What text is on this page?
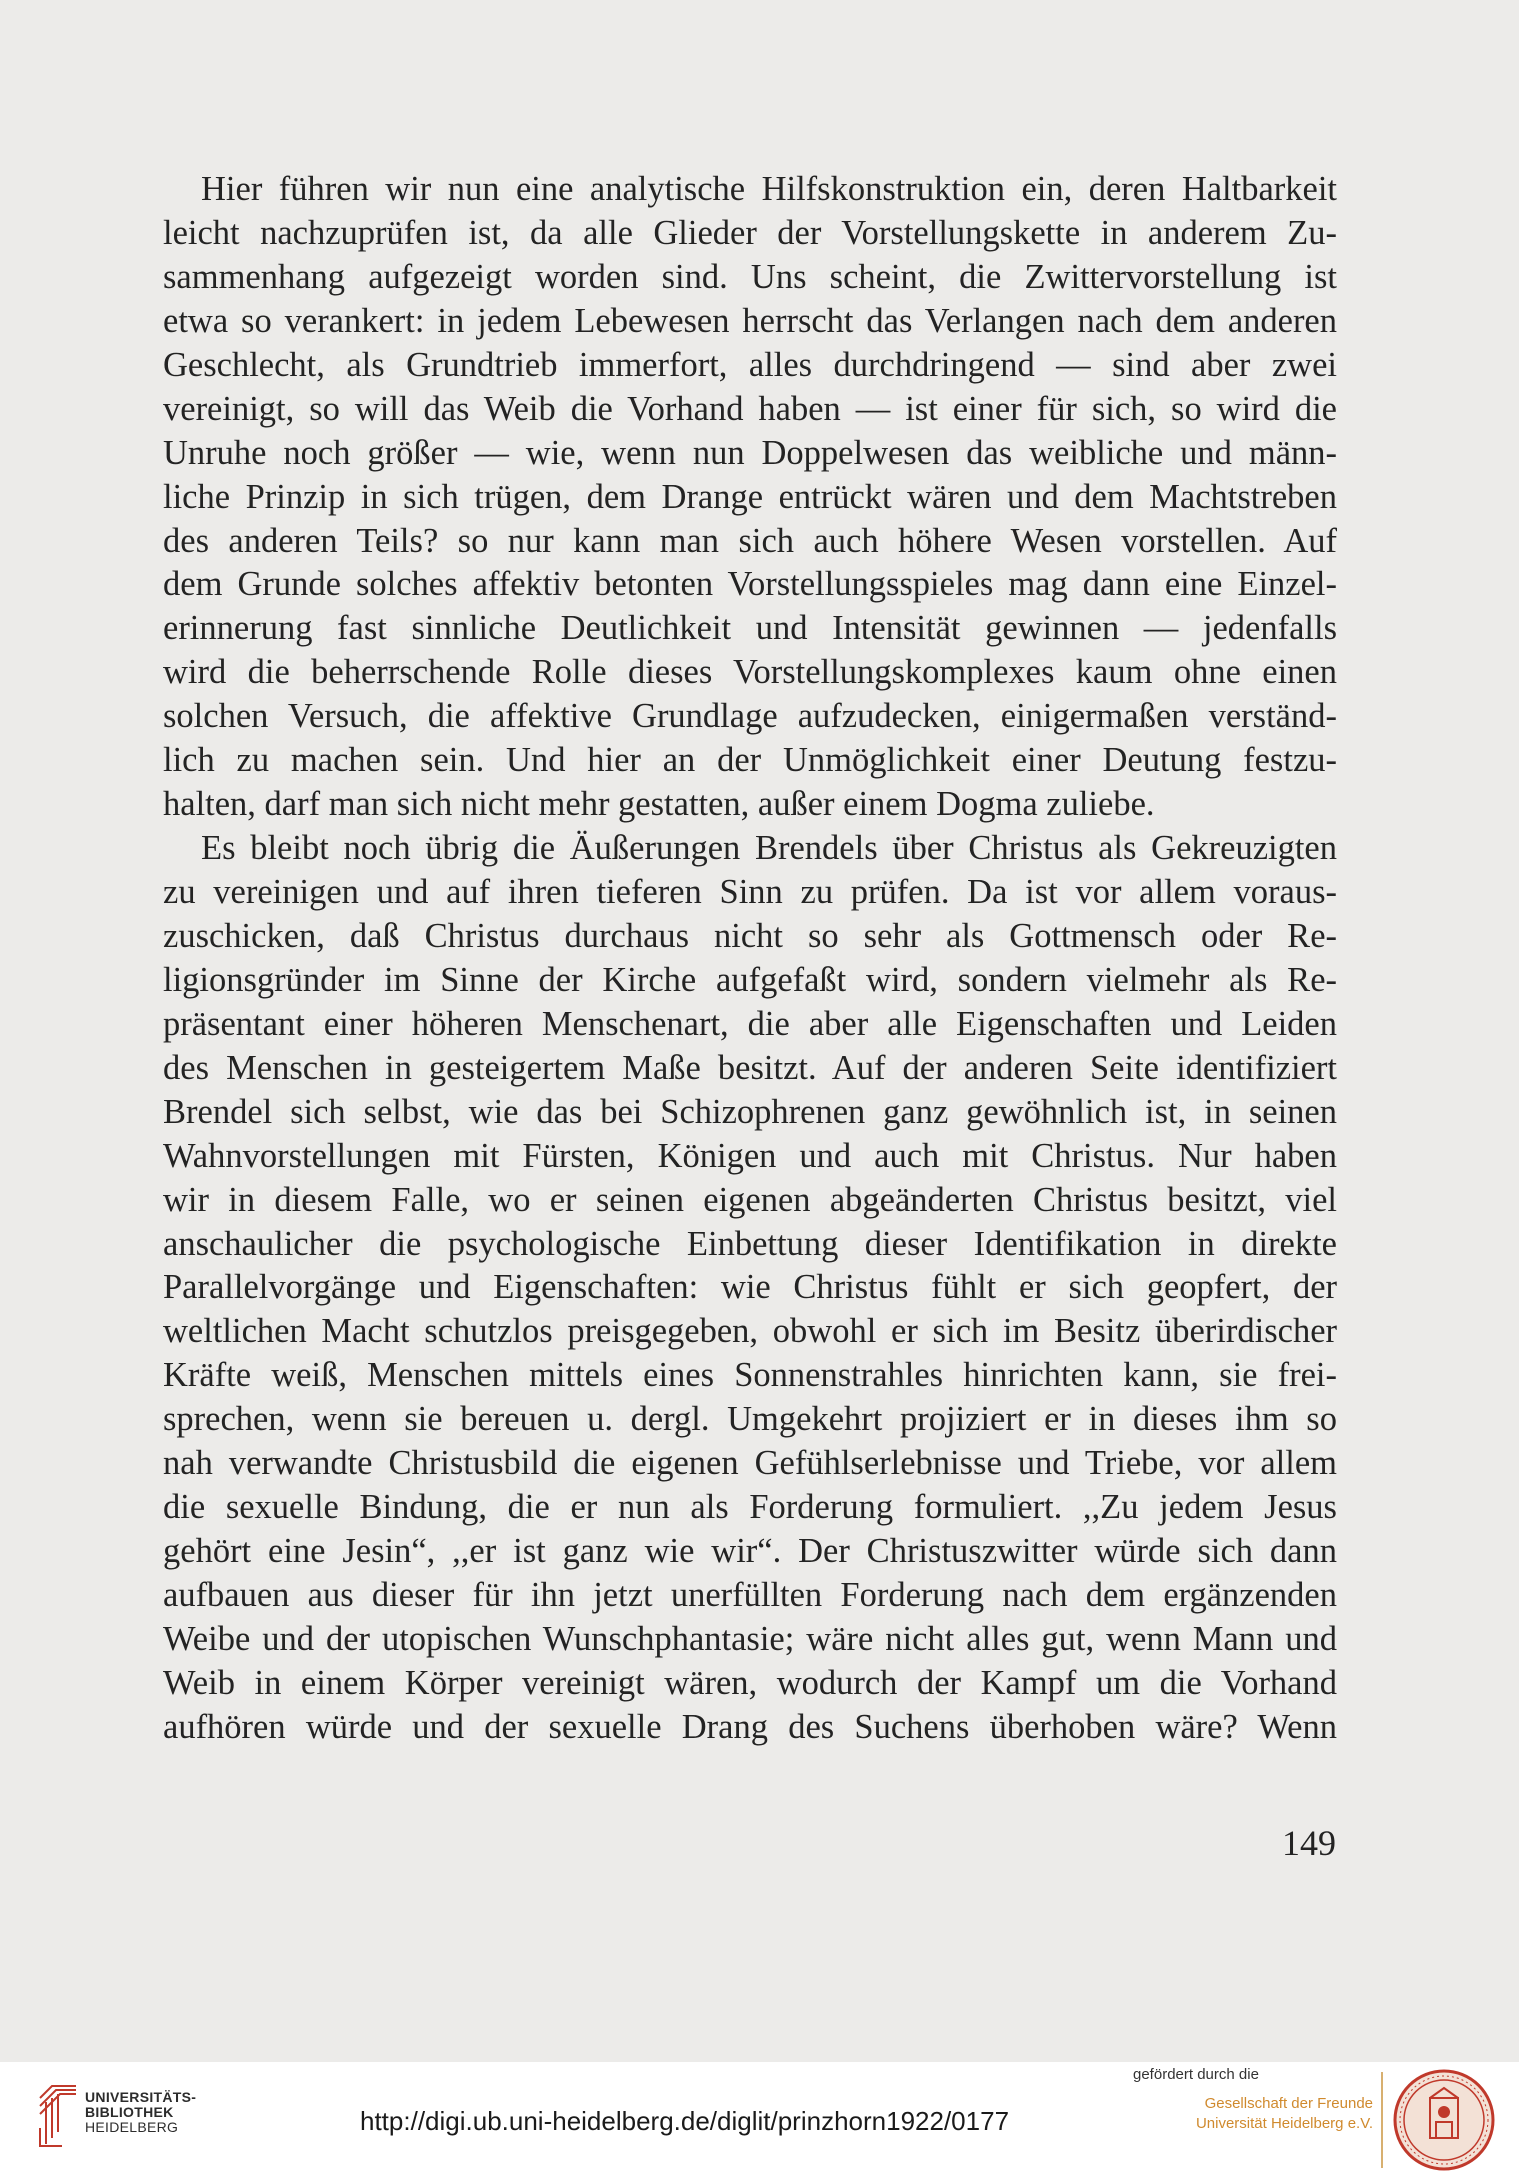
Hier führen wir nun eine analytische Hilfskonstruktion ein, deren Haltbarkeit
leicht nachzuprüfen ist, da alle Glieder der Vorstellungskette in anderem Zu-
sammenhang aufgezeigt worden sind. Uns scheint, die Zwittervorstellung ist
etwa so verankert: in jedem Lebewesen herrscht das Verlangen nach dem anderen
Geschlecht, als Grundtrieb immerfort, alles durchdringend — sind aber zwei
vereinigt, so will das Weib die Vorhand haben — ist einer für sich, so wird die
Unruhe noch größer — wie, wenn nun Doppelwesen das weibliche und männ-
liche Prinzip in sich trügen, dem Drange entrückt wären und dem Machtstreben
des anderen Teils? so nur kann man sich auch höhere Wesen vorstellen. Auf
dem Grunde solches affektiv betonten Vorstellungsspieles mag dann eine Einzel-
erinnerung fast sinnliche Deutlichkeit und Intensität gewinnen — jedenfalls
wird die beherrschende Rolle dieses Vorstellungskomplexes kaum ohne einen
solchen Versuch, die affektive Grundlage aufzudecken, einigermaßen verständ-
lich zu machen sein. Und hier an der Unmöglichkeit einer Deutung festzu-
halten, darf man sich nicht mehr gestatten, außer einem Dogma zuliebe.
Es bleibt noch übrig die Äußerungen Brendels über Christus als Gekreuzigten
zu vereinigen und auf ihren tieferen Sinn zu prüfen. Da ist vor allem voraus-
zuschicken, daß Christus durchaus nicht so sehr als Gottmensch oder Re-
ligionsgründer im Sinne der Kirche aufgefaßt wird, sondern vielmehr als Re-
präsentant einer höheren Menschenart, die aber alle Eigenschaften und Leiden
des Menschen in gesteigertem Maße besitzt. Auf der anderen Seite identifiziert
Brendel sich selbst, wie das bei Schizophrenen ganz gewöhnlich ist, in seinen
Wahnvorstellungen mit Fürsten, Königen und auch mit Christus. Nur haben
wir in diesem Falle, wo er seinen eigenen abgeänderten Christus besitzt, viel
anschaulicher die psychologische Einbettung dieser Identifikation in direkte
Parallelvorgänge und Eigenschaften: wie Christus fühlt er sich geopfert, der
weltlichen Macht schutzlos preisgegeben, obwohl er sich im Besitz überirdischer
Kräfte weiß, Menschen mittels eines Sonnenstrahles hinrichten kann, sie frei-
sprechen, wenn sie bereuen u. dergl. Umgekehrt projiziert er in dieses ihm so
nah verwandte Christusbild die eigenen Gefühlserlebnisse und Triebe, vor allem
die sexuelle Bindung, die er nun als Forderung formuliert. ,,Zu jedem Jesus
gehört eine Jesin“, ,,er ist ganz wie wir“. Der Christuszwitter würde sich dann
aufbauen aus dieser für ihn jetzt unerfüllten Forderung nach dem ergänzenden
Weibe und der utopischen Wunschphantasie; wäre nicht alles gut, wenn Mann und
Weib in einem Körper vereinigt wären, wodurch der Kampf um die Vorhand
aufhören würde und der sexuelle Drang des Suchens überhoben wäre? Wenn
149
UNIVERSITÄTS-
BIBLIOTHEK
HEIDELBERG	http://digi.ub.uni-heidelberg.de/diglit/prinzhorn1922/0177
gefördert durch die
Gesellschaft der Freunde
Universität Heidelberg e.V.
